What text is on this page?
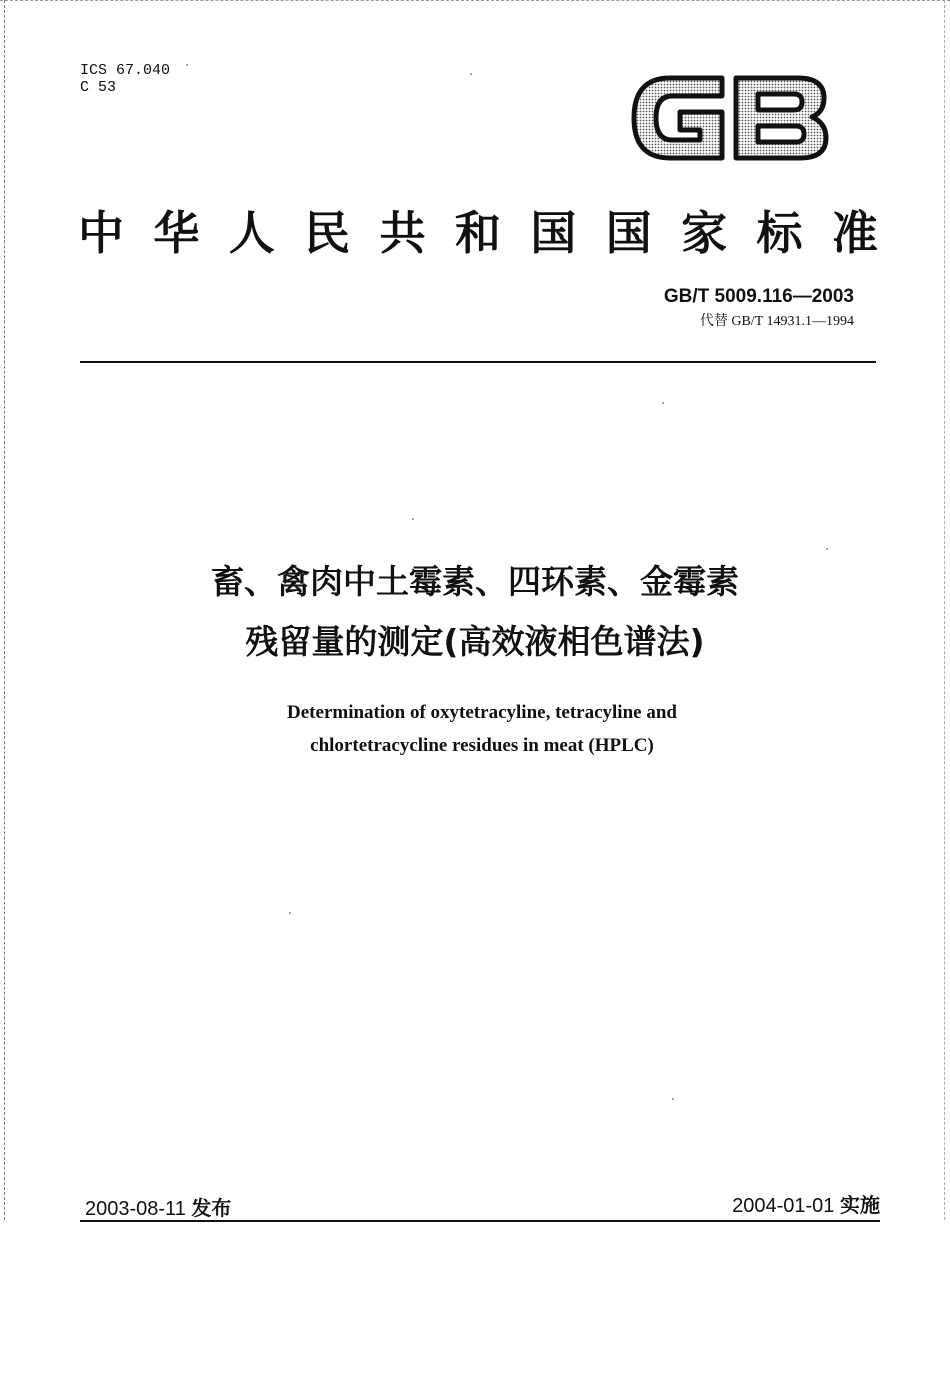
ICS 67.040
C 53
中 华 人 民 共 和 国 国 家 标 准
GB/T 5009.116—2003
代替 GB/T 14931.1—1994
畜、禽肉中土霉素、四环素、金霉素
残留量的测定(高效液相色谱法)
Determination of oxytetracyline, tetracyline and
chlortetracycline residues in meat (HPLC)
2003-08-11 发布	2004-01-01 实施
